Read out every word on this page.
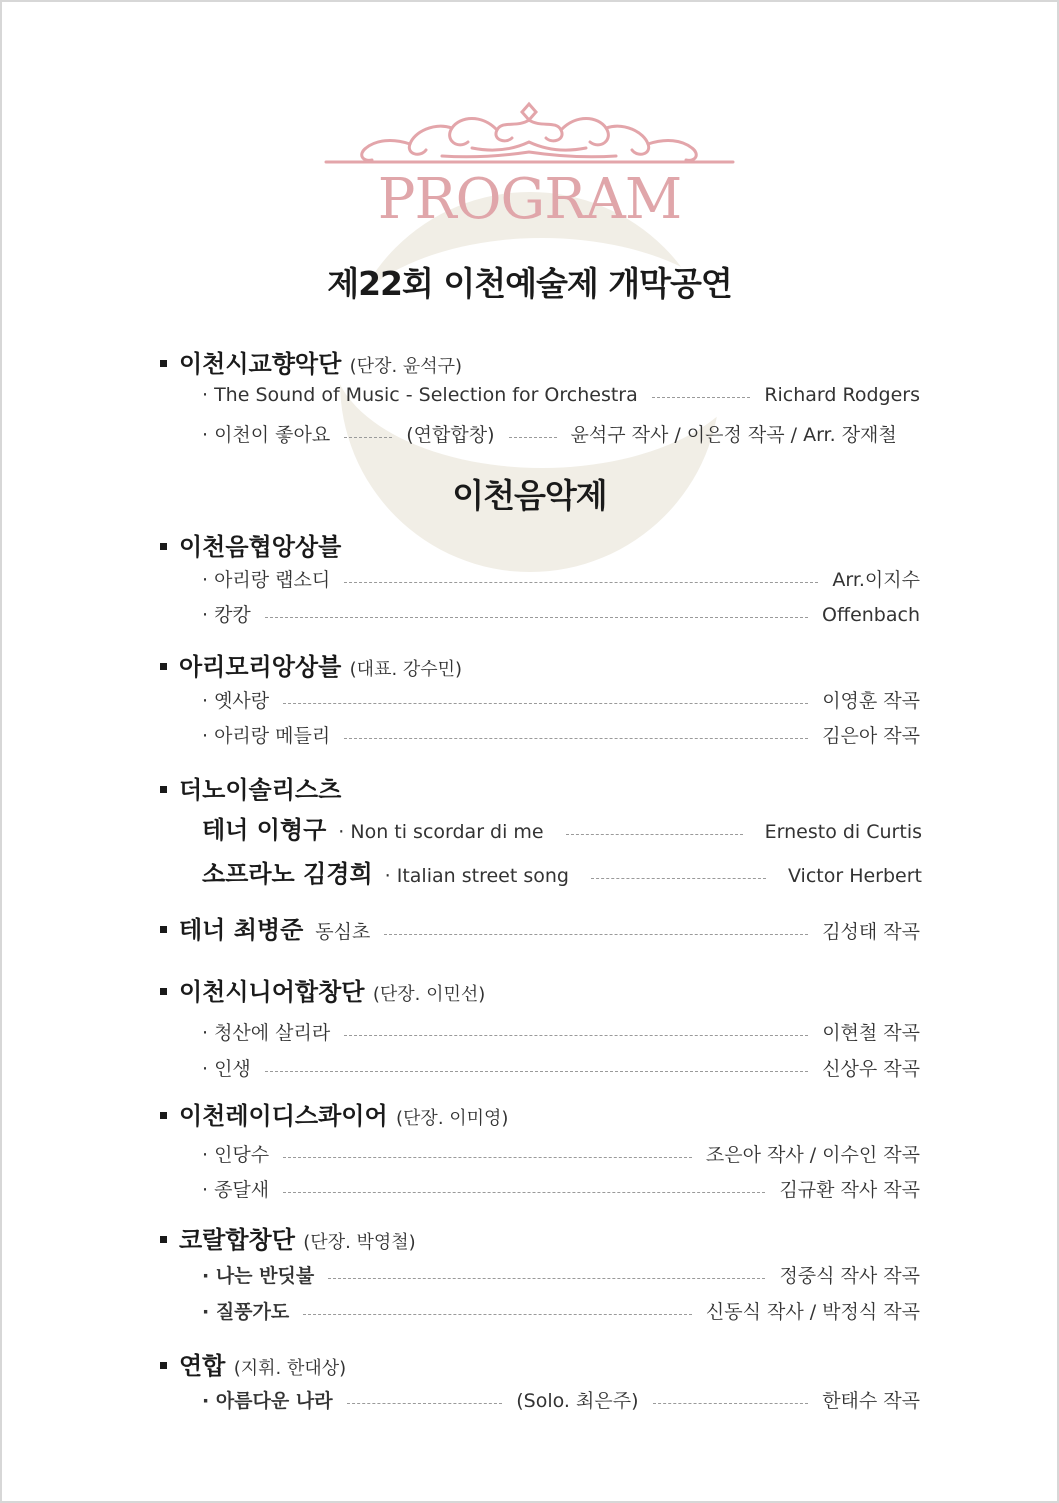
PROGRAM
제22회 이천예술제 개막공연
이천시교향악단 (단장. 윤석구)
· The Sound of Music - Selection for Orchestra	Richard Rodgers
· 이천이 좋아요	(연합합창)	윤석구 작사 / 이은정 작곡 / Arr. 장재철
이천음악제
이천음협앙상블
· 아리랑 랩소디	Arr.이지수
· 캉캉	Offenbach
아리모리앙상블 (대표. 강수민)
· 옛사랑	이영훈 작곡
· 아리랑 메들리	김은아 작곡
더노이솔리스츠
테너 이형구 · Non ti scordar di me	Ernesto di Curtis
소프라노 김경희 · Italian street song	Victor Herbert
테너 최병준 동심초	김성태 작곡
이천시니어합창단 (단장. 이민선)
· 청산에 살리라	이현철 작곡
· 인생	신상우 작곡
이천레이디스콰이어 (단장. 이미영)
· 인당수	조은아 작사 / 이수인 작곡
· 종달새	김규환 작사 작곡
코랄합창단 (단장. 박영철)
· 나는 반딧불	정중식 작사 작곡
· 질풍가도	신동식 작사 / 박정식 작곡
연합 (지휘. 한대상)
· 아름다운 나라	(Solo. 최은주)	한태수 작곡
